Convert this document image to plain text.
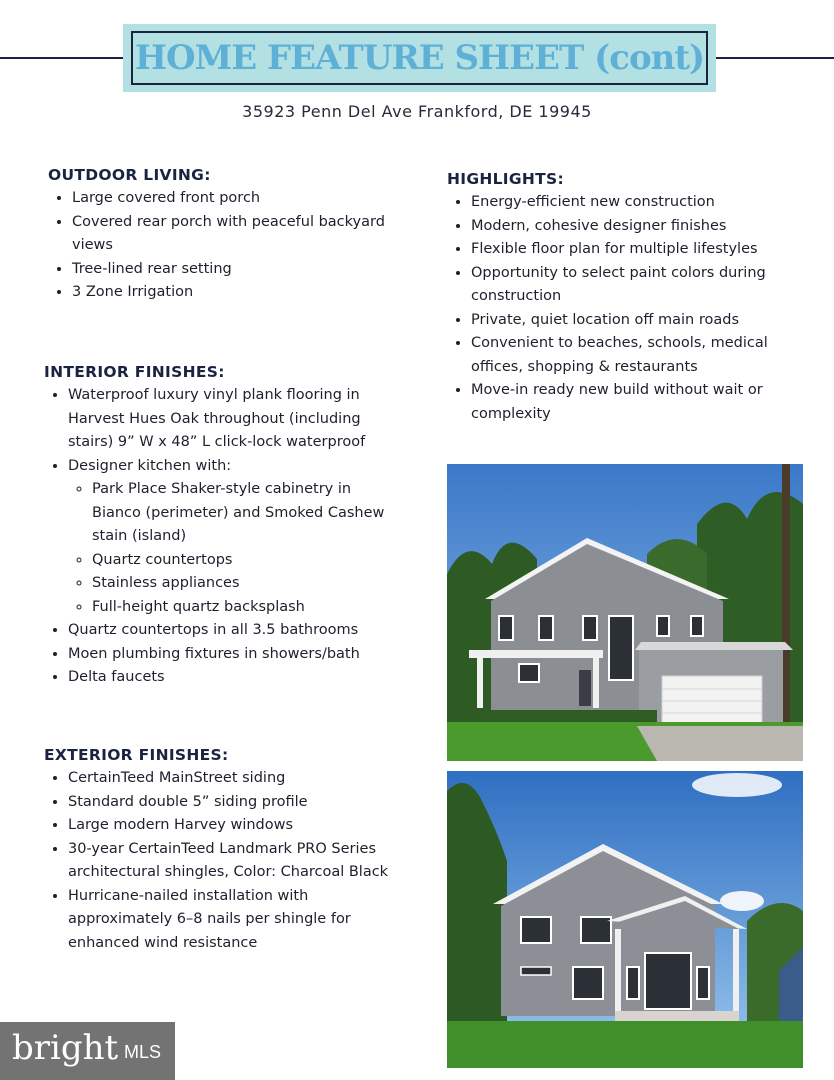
HOME FEATURE SHEET (cont)
35923 Penn Del Ave Frankford, DE 19945
OUTDOOR LIVING:
• Large covered front porch
• Covered rear porch with peaceful backyard views
• Tree-lined rear setting
• 3 Zone Irrigation
INTERIOR FINISHES:
• Waterproof luxury vinyl plank flooring in Harvest Hues Oak throughout (including stairs) 9” W x 48” L click-lock waterproof
• Designer kitchen with:
◦ Park Place Shaker-style cabinetry in Bianco (perimeter) and Smoked Cashew stain (island)
◦ Quartz countertops
◦ Stainless appliances
◦ Full-height quartz backsplash
• Quartz countertops in all 3.5 bathrooms
• Moen plumbing fixtures in showers/bath
• Delta faucets
EXTERIOR FINISHES:
• CertainTeed MainStreet siding
• Standard double 5” siding profile
• Large modern Harvey windows
• 30-year CertainTeed Landmark PRO Series architectural shingles, Color: Charcoal Black
• Hurricane-nailed installation with approximately 6–8 nails per shingle for enhanced wind resistance
HIGHLIGHTS:
• Energy-efficient new construction
• Modern, cohesive designer finishes
• Flexible floor plan for multiple lifestyles
• Opportunity to select paint colors during construction
• Private, quiet location off main roads
• Convenient to beaches, schools, medical offices, shopping & restaurants
• Move-in ready new build without wait or complexity
bright MLS
